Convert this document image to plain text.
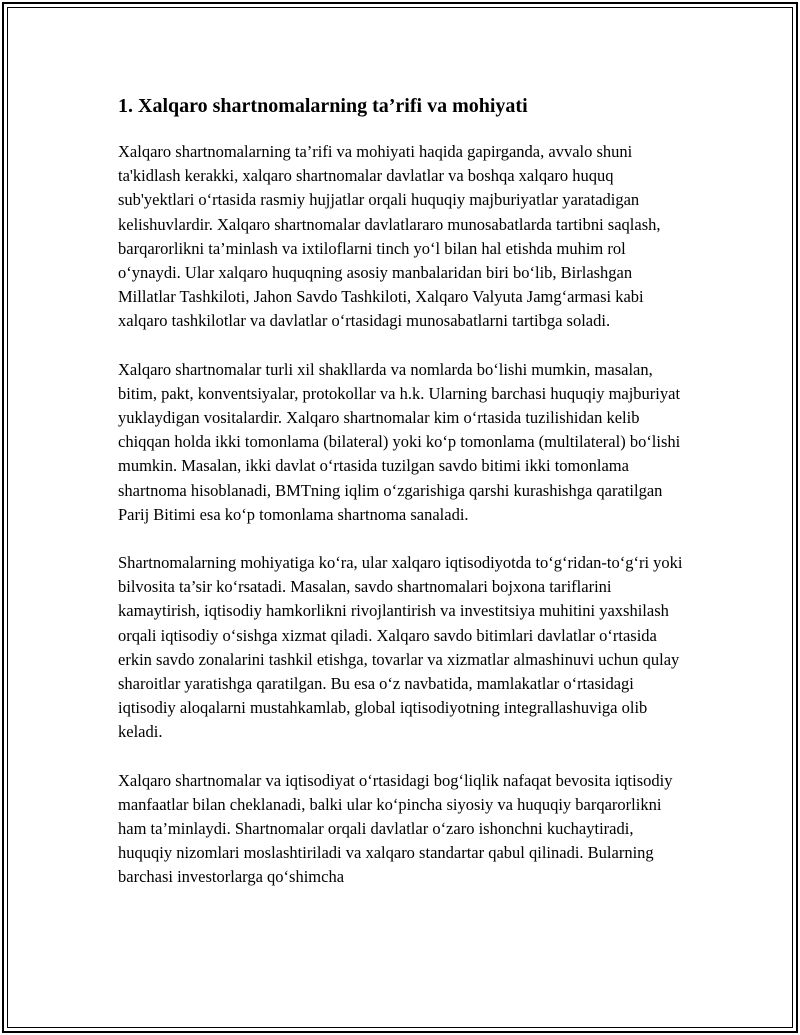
1. Xalqaro shartnomalarning ta’rifi va mohiyati

Xalqaro shartnomalarning ta’rifi va mohiyati haqida gapirganda, avvalo shuni ta'kidlash kerakki, xalqaro shartnomalar davlatlar va boshqa xalqaro huquq sub'yektlari o‘rtasida rasmiy hujjatlar orqali huquqiy majburiyatlar yaratadigan kelishuvlardir. Xalqaro shartnomalar davlatlararo munosabatlarda tartibni saqlash, barqarorlikni ta’minlash va ixtiloflarni tinch yo‘l bilan hal etishda muhim rol o‘ynaydi. Ular xalqaro huquqning asosiy manbalaridan biri bo‘lib, Birlashgan Millatlar Tashkiloti, Jahon Savdo Tashkiloti, Xalqaro Valyuta Jamg‘armasi kabi xalqaro tashkilotlar va davlatlar o‘rtasidagi munosabatlarni tartibga soladi.

Xalqaro shartnomalar turli xil shakllarda va nomlarda bo‘lishi mumkin, masalan, bitim, pakt, konventsiyalar, protokollar va h.k. Ularning barchasi huquqiy majburiyat yuklaydigan vositalardir. Xalqaro shartnomalar kim o‘rtasida tuzilishidan kelib chiqqan holda ikki tomonlama (bilateral) yoki ko‘p tomonlama (multilateral) bo‘lishi mumkin. Masalan, ikki davlat o‘rtasida tuzilgan savdo bitimi ikki tomonlama shartnoma hisoblanadi, BMTning iqlim o‘zgarishiga qarshi kurashishga qaratilgan Parij Bitimi esa ko‘p tomonlama shartnoma sanaladi.

Shartnomalarning mohiyatiga ko‘ra, ular xalqaro iqtisodiyotda to‘g‘ridan-to‘g‘ri yoki bilvosita ta’sir ko‘rsatadi. Masalan, savdo shartnomalari bojxona tariflarini kamaytirish, iqtisodiy hamkorlikni rivojlantirish va investitsiya muhitini yaxshilash orqali iqtisodiy o‘sishga xizmat qiladi. Xalqaro savdo bitimlari davlatlar o‘rtasida erkin savdo zonalarini tashkil etishga, tovarlar va xizmatlar almashinuvi uchun qulay sharoitlar yaratishga qaratilgan. Bu esa o‘z navbatida, mamlakatlar o‘rtasidagi iqtisodiy aloqalarni mustahkamlab, global iqtisodiyotning integrallashuviga olib keladi.

Xalqaro shartnomalar va iqtisodiyat o‘rtasidagi bog‘liqlik nafaqat bevosita iqtisodiy manfaatlar bilan cheklanadi, balki ular ko‘pincha siyosiy va huquqiy barqarorlikni ham ta’minlaydi. Shartnomalar orqali davlatlar o‘zaro ishonchni kuchaytiradi, huquqiy nizomlari moslashtiriladi va xalqaro standartar qabul qilinadi. Bularning barchasi investorlarga qo‘shimcha
